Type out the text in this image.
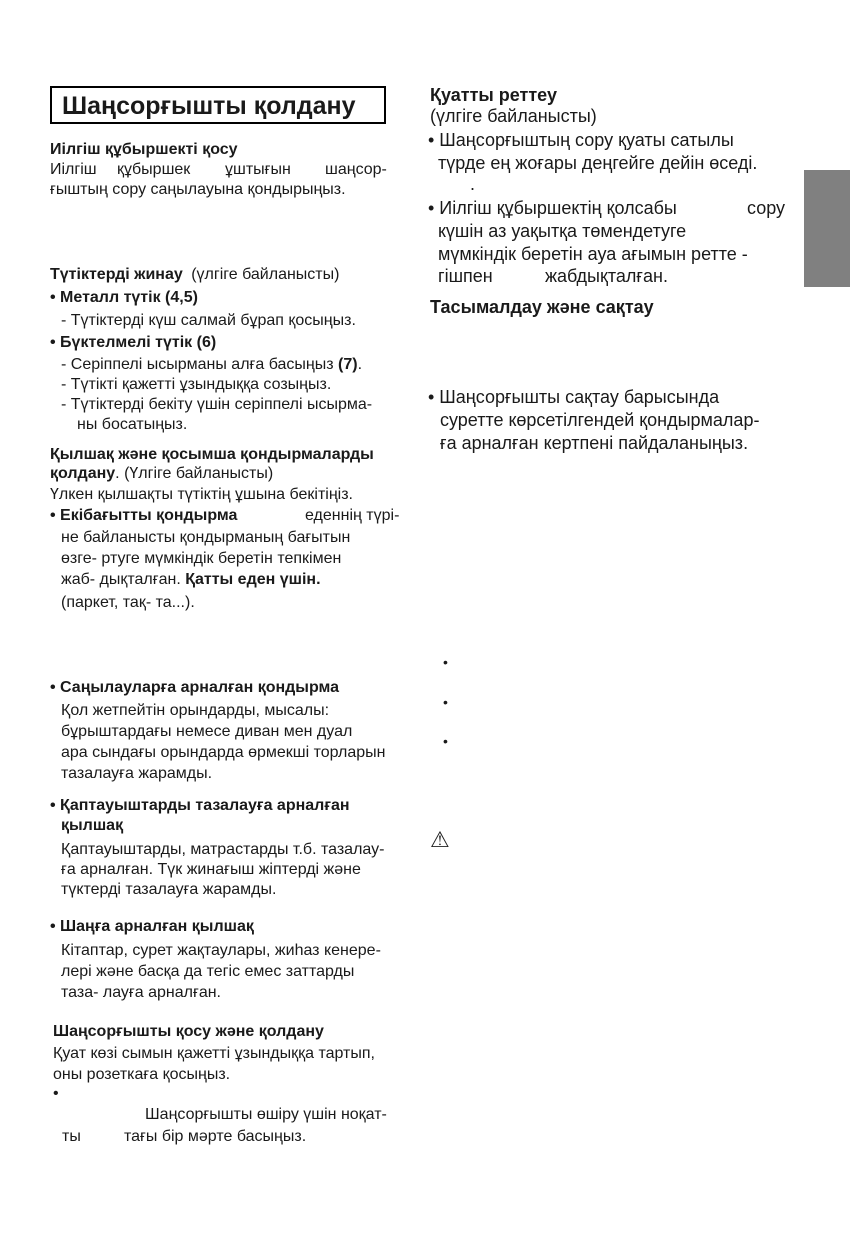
Шаңсорғышты қолдану
Иілгіш құбыршекті қосу
Иілгіш құбыршек ұштығын шаңсор-
ғыштың сору саңылауына қондырыңыз.
Түтіктерді жинау (үлгіге байланысты)
• Металл түтік (4,5)
- Түтіктерді күш салмай бұрап қосыңыз.
• Бүктелмелі түтік (6)
- Серіппелі ысырманы алға басыңыз (7).
- Түтікті қажетті ұзындыққа созыңыз.
- Түтіктерді бекіту үшін серіппелі ысырма-
ны босатыңыз.
Қылшақ және қосымша қондырмаларды
қолдану. (Үлгіге байланысты)
Үлкен қылшақты түтіктің ұшына бекітіңіз.
• Екібағытты қондырма	еденнің түрі-
не байланысты қондырманың бағытын
өзге- ртуге мүмкіндік беретін тепкімен
жаб- дықталған. Қатты еден үшін.
(паркет, тақ- та...).
• Саңылауларға арналған қондырма
Қол жетпейтін орындарды, мысалы:
бұрыштардағы немесе диван мен дуал
ара сындағы орындарда өрмекші торларын
тазалауға жарамды.
• Қаптауыштарды тазалауға арналған
қылшақ
Қаптауыштарды, матрастарды т.б. тазалау-
ға арналған. Түк жинағыш жіптерді және
түктерді тазалауға жарамды.
• Шаңға арналған қылшақ
Кітаптар, сурет жақтаулары, жиһаз кенере-
лері және басқа да тегіс емес заттарды
таза- лауға арналған.
Шаңсорғышты қосу және қолдану
Қуат көзі сымын қажетті ұзындыққа тартып,
оны розеткаға қосыңыз.
•
Шаңсорғышты өшіру үшін ноқат-
ты	тағы бір мәрте басыңыз.
Қуатты реттеу
(үлгіге байланысты)
• Шаңсорғыштың сору қуаты сатылы
түрде ең жоғары деңгейге дейін өседі.
.
• Иілгіш құбыршектің қолсабы	сору
күшін аз уақытқа төмендетуге
мүмкіндік беретін ауа ағымын ретте -
гішпен	жабдықталған.
Тасымалдау және сақтау
• Шаңсорғышты сақтау барысында
суретте көрсетілгендей қондырмалар-
ға арналған кертпені пайдаланыңыз.
•
•
•
⚠
